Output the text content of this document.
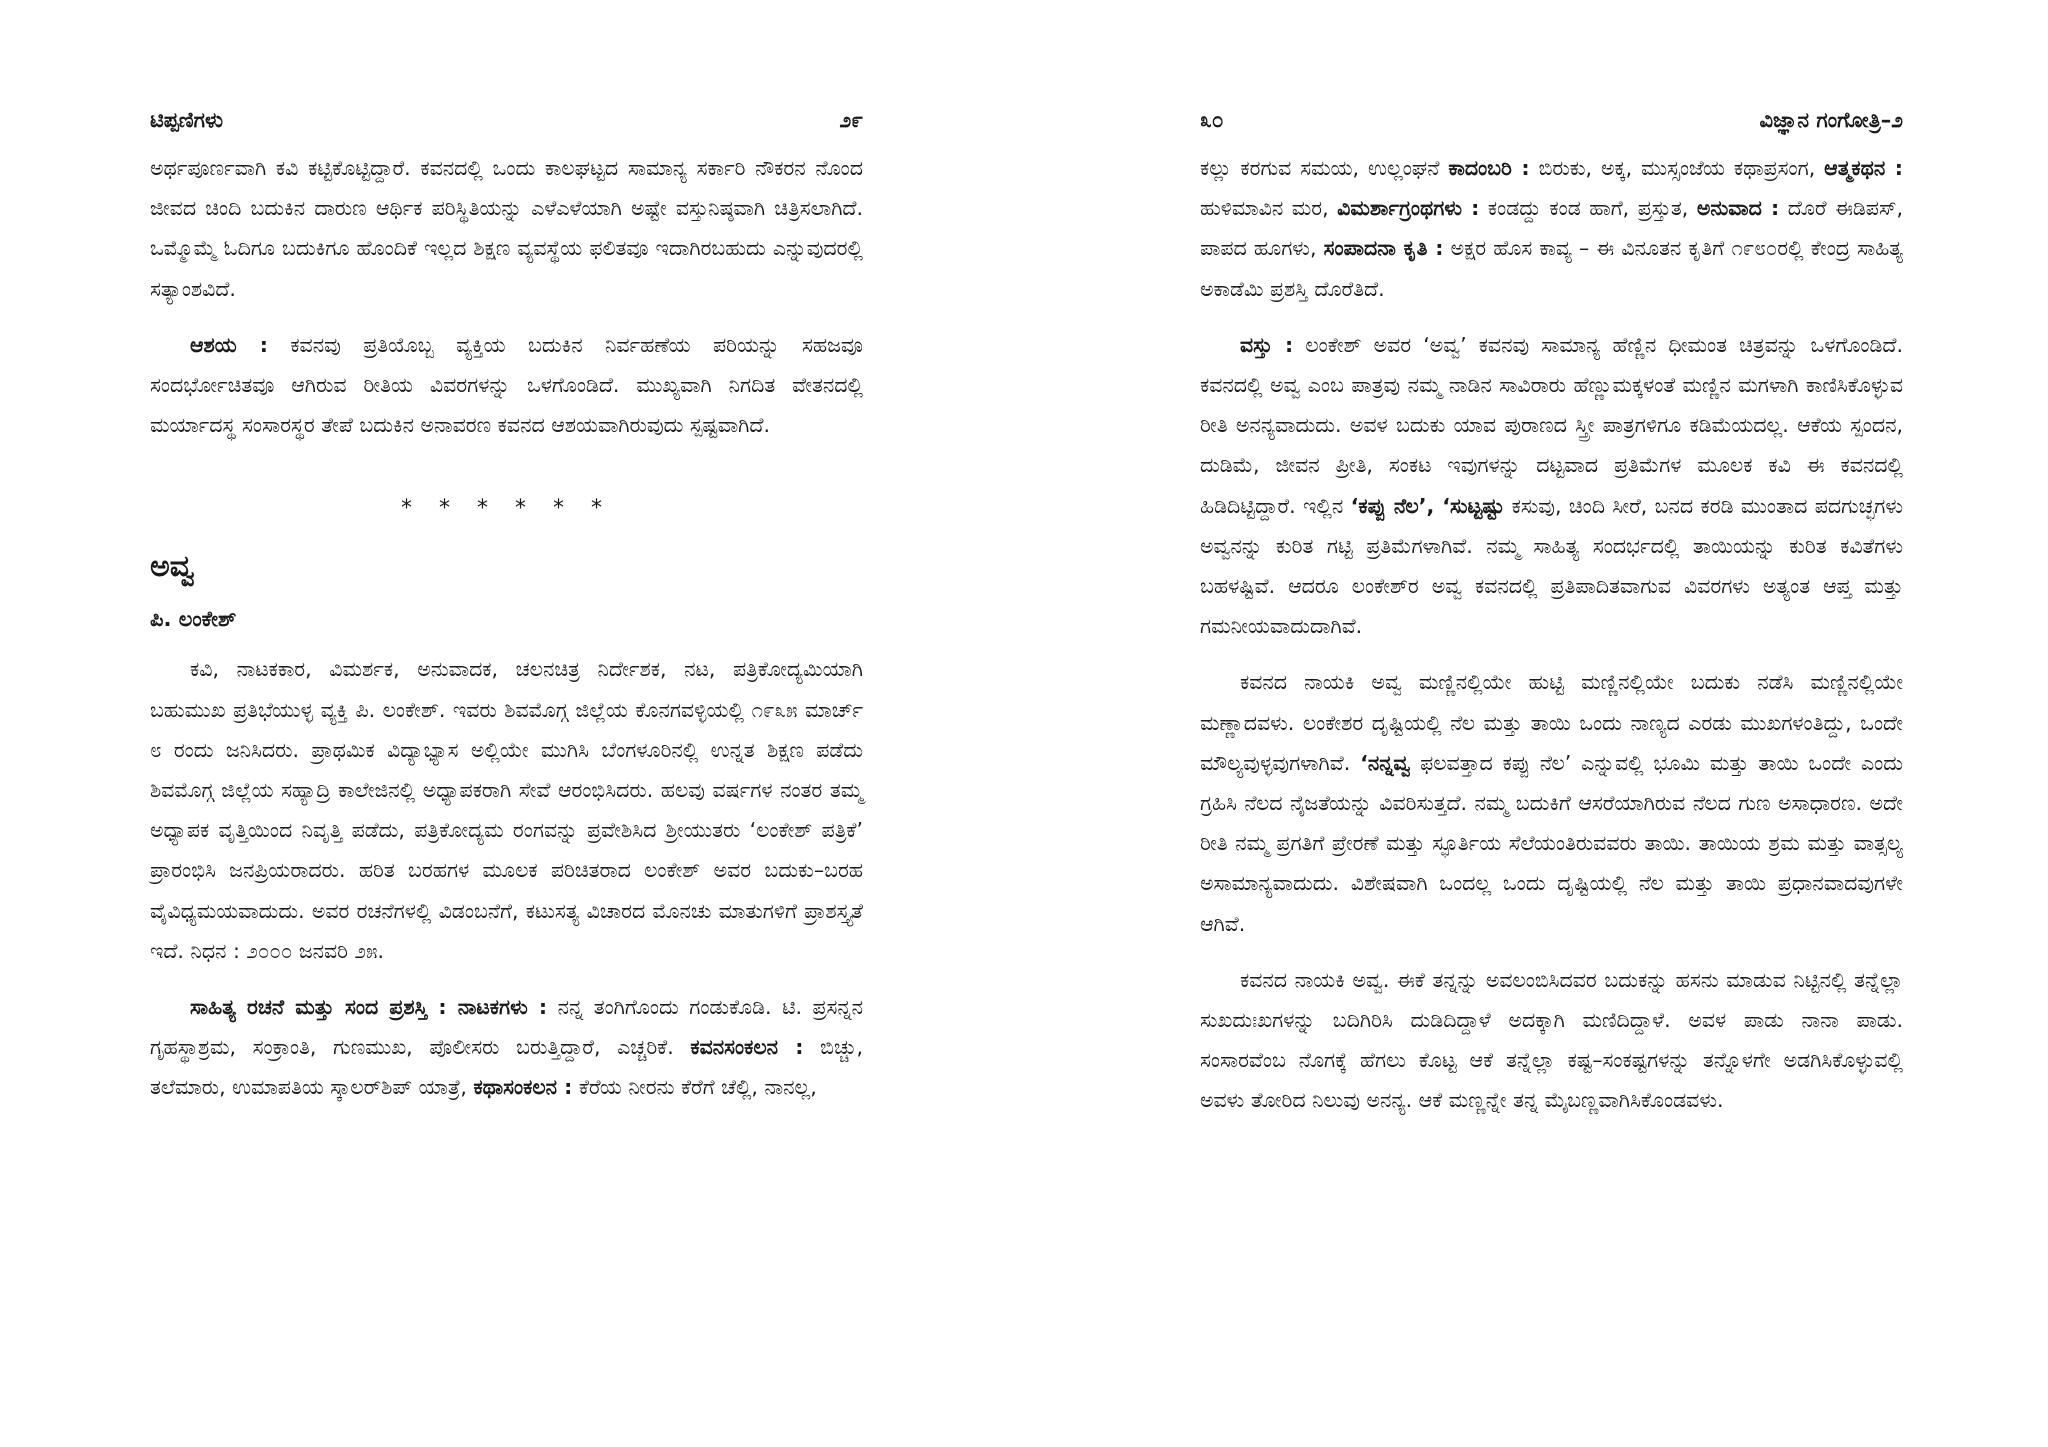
ಟಿಪ್ಪಣಿಗಳು	೨೯

ಅರ್ಥಪೂರ್ಣವಾಗಿ ಕವಿ ಕಟ್ಟಿಕೊಟ್ಟಿದ್ದಾರೆ. ಕವನದಲ್ಲಿ ಒಂದು ಕಾಲಘಟ್ಟದ ಸಾಮಾನ್ಯ ಸರ್ಕಾರಿ ನೌಕರನ ನೊಂದ ಜೀವದ ಚಿಂದಿ ಬದುಕಿನ ದಾರುಣ ಆರ್ಥಿಕ ಪರಿಸ್ಥಿತಿಯನ್ನು ಎಳೆಎಳೆಯಾಗಿ ಅಷ್ಟೇ ವಸ್ತುನಿಷ್ಠವಾಗಿ ಚಿತ್ರಿಸಲಾಗಿದೆ. ಒಮ್ಮೊಮ್ಮೆ ಓದಿಗೂ ಬದುಕಿಗೂ ಹೊಂದಿಕೆ ಇಲ್ಲದ ಶಿಕ್ಷಣ ವ್ಯವಸ್ಥೆಯ ಫಲಿತವೂ ಇದಾಗಿರಬಹುದು ಎನ್ನುವುದರಲ್ಲಿ ಸತ್ಯಾಂಶವಿದೆ.

ಆಶಯ : ಕವನವು ಪ್ರತಿಯೊಬ್ಬ ವ್ಯಕ್ತಿಯ ಬದುಕಿನ ನಿರ್ವಹಣೆಯ ಪರಿಯನ್ನು ಸಹಜವೂ ಸಂದರ್ಭೋಚಿತವೂ ಆಗಿರುವ ರೀತಿಯ ವಿವರಗಳನ್ನು ಒಳಗೊಂಡಿದೆ. ಮುಖ್ಯವಾಗಿ ನಿಗದಿತ ವೇತನದಲ್ಲಿ ಮರ್ಯಾದಸ್ಥ ಸಂಸಾರಸ್ಥರ ತೇಪೆ ಬದುಕಿನ ಅನಾವರಣ ಕವನದ ಆಶಯವಾಗಿರುವುದು ಸ್ಪಷ್ಟವಾಗಿದೆ.

* * * * * *
ಅವ್ವ
ಪಿ. ಲಂಕೇಶ್

ಕವಿ, ನಾಟಕಕಾರ, ವಿಮರ್ಶಕ, ಅನುವಾದಕ, ಚಲನಚಿತ್ರ ನಿರ್ದೇಶಕ, ನಟ, ಪತ್ರಿಕೋದ್ಯಮಿಯಾಗಿ ಬಹುಮುಖ ಪ್ರತಿಭೆಯುಳ್ಳ ವ್ಯಕ್ತಿ ಪಿ. ಲಂಕೇಶ್. ಇವರು ಶಿವಮೊಗ್ಗ ಜಿಲ್ಲೆಯ ಕೊನಗವಳ್ಳಿಯಲ್ಲಿ ೧೯೩೫ ಮಾರ್ಚ್ ೮ ರಂದು ಜನಿಸಿದರು. ಪ್ರಾಥಮಿಕ ವಿದ್ಯಾಭ್ಯಾಸ ಅಲ್ಲಿಯೇ ಮುಗಿಸಿ ಬೆಂಗಳೂರಿನಲ್ಲಿ ಉನ್ನತ ಶಿಕ್ಷಣ ಪಡೆದು ಶಿವಮೊಗ್ಗ ಜಿಲ್ಲೆಯ ಸಹ್ಯಾದ್ರಿ ಕಾಲೇಜಿನಲ್ಲಿ ಅಧ್ಯಾಪಕರಾಗಿ ಸೇವೆ ಆರಂಭಿಸಿದರು. ಹಲವು ವರ್ಷಗಳ ನಂತರ ತಮ್ಮ ಅಧ್ಯಾಪಕ ವೃತ್ತಿಯಿಂದ ನಿವೃತ್ತಿ ಪಡೆದು, ಪತ್ರಿಕೋದ್ಯಮ ರಂಗವನ್ನು ಪ್ರವೇಶಿಸಿದ ಶ್ರೀಯುತರು ‘ಲಂಕೇಶ್ ಪತ್ರಿಕೆ’ ಪ್ರಾರಂಭಿಸಿ ಜನಪ್ರಿಯರಾದರು. ಹರಿತ ಬರಹಗಳ ಮೂಲಕ ಪರಿಚಿತರಾದ ಲಂಕೇಶ್ ಅವರ ಬದುಕು–ಬರಹ ವೈವಿಧ್ಯಮಯವಾದುದು. ಅವರ ರಚನೆಗಳಲ್ಲಿ ವಿಡಂಬನೆಗೆ, ಕಟುಸತ್ಯ ವಿಚಾರದ ಮೊನಚು ಮಾತುಗಳಿಗೆ ಪ್ರಾಶಸ್ತ್ಯತೆ ಇದೆ. ನಿಧನ : ೨೦೦೦ ಜನವರಿ ೨೫.

ಸಾಹಿತ್ಯ ರಚನೆ ಮತ್ತು ಸಂದ ಪ್ರಶಸ್ತಿ : ನಾಟಕಗಳು : ನನ್ನ ತಂಗಿಗೊಂದು ಗಂಡುಕೊಡಿ. ಟಿ. ಪ್ರಸನ್ನನ ಗೃಹಸ್ಥಾಶ್ರಮ, ಸಂಕ್ರಾಂತಿ, ಗುಣಮುಖ, ಪೊಲೀಸರು ಬರುತ್ತಿದ್ದಾರೆ, ಎಚ್ಚರಿಕೆ. ಕವನಸಂಕಲನ : ಬಿಚ್ಚು, ತಲೆಮಾರು, ಉಮಾಪತಿಯ ಸ್ಕಾಲರ್‌ಶಿಪ್ ಯಾತ್ರೆ, ಕಥಾಸಂಕಲನ : ಕೆರೆಯ ನೀರನು ಕೆರೆಗೆ ಚೆಲ್ಲಿ, ನಾನಲ್ಲ,

೩೦	ವಿಜ್ಞಾನ ಗಂಗೋತ್ರಿ–೨

ಕಲ್ಲು ಕರಗುವ ಸಮಯ, ಉಲ್ಲಂಘನೆ ಕಾದಂಬರಿ : ಬಿರುಕು, ಅಕ್ಕ, ಮುಸ್ಸಂಜೆಯ ಕಥಾಪ್ರಸಂಗ, ಆತ್ಮಕಥನ : ಹುಳಿಮಾವಿನ ಮರ, ವಿಮರ್ಶಾಗ್ರಂಥಗಳು : ಕಂಡದ್ದು ಕಂಡ ಹಾಗೆ, ಪ್ರಸ್ತುತ, ಅನುವಾದ : ದೊರೆ ಈಡಿಪಸ್, ಪಾಪದ ಹೂಗಳು, ಸಂಪಾದನಾ ಕೃತಿ : ಅಕ್ಷರ ಹೊಸ ಕಾವ್ಯ – ಈ ವಿನೂತನ ಕೃತಿಗೆ ೧೯೮೦ರಲ್ಲಿ ಕೇಂದ್ರ ಸಾಹಿತ್ಯ ಅಕಾಡೆಮಿ ಪ್ರಶಸ್ತಿ ದೊರೆತಿದೆ.

ವಸ್ತು : ಲಂಕೇಶ್ ಅವರ ‘ಅವ್ವ’ ಕವನವು ಸಾಮಾನ್ಯ ಹೆಣ್ಣಿನ ಧೀಮಂತ ಚಿತ್ರವನ್ನು ಒಳಗೊಂಡಿದೆ. ಕವನದಲ್ಲಿ ಅವ್ವ ಎಂಬ ಪಾತ್ರವು ನಮ್ಮ ನಾಡಿನ ಸಾವಿರಾರು ಹೆಣ್ಣುಮಕ್ಕಳಂತೆ ಮಣ್ಣಿನ ಮಗಳಾಗಿ ಕಾಣಿಸಿಕೊಳ್ಳುವ ರೀತಿ ಅನನ್ಯವಾದುದು. ಅವಳ ಬದುಕು ಯಾವ ಪುರಾಣದ ಸ್ತ್ರೀ ಪಾತ್ರಗಳಿಗೂ ಕಡಿಮೆಯದಲ್ಲ. ಆಕೆಯ ಸ್ಪಂದನ, ದುಡಿಮೆ, ಜೀವನ ಪ್ರೀತಿ, ಸಂಕಟ ಇವುಗಳನ್ನು ದಟ್ಟವಾದ ಪ್ರತಿಮೆಗಳ ಮೂಲಕ ಕವಿ ಈ ಕವನದಲ್ಲಿ ಹಿಡಿದಿಟ್ಟಿದ್ದಾರೆ. ಇಲ್ಲಿನ ‘ಕಪ್ಪು ನೆಲ’, ‘ಸುಟ್ಟಷ್ಟು ಕಸುವು, ಚಿಂದಿ ಸೀರೆ, ಬನದ ಕರಡಿ ಮುಂತಾದ ಪದಗುಚ್ಛಗಳು ಅವ್ವನನ್ನು ಕುರಿತ ಗಟ್ಟಿ ಪ್ರತಿಮೆಗಳಾಗಿವೆ. ನಮ್ಮ ಸಾಹಿತ್ಯ ಸಂದರ್ಭದಲ್ಲಿ ತಾಯಿಯನ್ನು ಕುರಿತ ಕವಿತೆಗಳು ಬಹಳಷ್ಟಿವೆ. ಆದರೂ ಲಂಕೇಶ್‌ರ ಅವ್ವ ಕವನದಲ್ಲಿ ಪ್ರತಿಪಾದಿತವಾಗುವ ವಿವರಗಳು ಅತ್ಯಂತ ಆಪ್ತ ಮತ್ತು ಗಮನೀಯವಾದುದಾಗಿವೆ.

ಕವನದ ನಾಯಕಿ ಅವ್ವ ಮಣ್ಣಿನಲ್ಲಿಯೇ ಹುಟ್ಟಿ ಮಣ್ಣಿನಲ್ಲಿಯೇ ಬದುಕು ನಡೆಸಿ ಮಣ್ಣಿನಲ್ಲಿಯೇ ಮಣ್ಣಾದವಳು. ಲಂಕೇಶರ ದೃಷ್ಟಿಯಲ್ಲಿ ನೆಲ ಮತ್ತು ತಾಯಿ ಒಂದು ನಾಣ್ಯದ ಎರಡು ಮುಖಗಳಂತಿದ್ದು, ಒಂದೇ ಮೌಲ್ಯವುಳ್ಳವುಗಳಾಗಿವೆ. ‘ನನ್ನವ್ವ ಫಲವತ್ತಾದ ಕಪ್ಪು ನೆಲ’ ಎನ್ನುವಲ್ಲಿ ಭೂಮಿ ಮತ್ತು ತಾಯಿ ಒಂದೇ ಎಂದು ಗ್ರಹಿಸಿ ನೆಲದ ನೈಜತೆಯನ್ನು ವಿವರಿಸುತ್ತದೆ. ನಮ್ಮ ಬದುಕಿಗೆ ಆಸರೆಯಾಗಿರುವ ನೆಲದ ಗುಣ ಅಸಾಧಾರಣ. ಅದೇ ರೀತಿ ನಮ್ಮ ಪ್ರಗತಿಗೆ ಪ್ರೇರಣೆ ಮತ್ತು ಸ್ಫೂರ್ತಿಯ ಸೆಲೆಯಂತಿರುವವರು ತಾಯಿ. ತಾಯಿಯ ಶ್ರಮ ಮತ್ತು ವಾತ್ಸಲ್ಯ ಅಸಾಮಾನ್ಯವಾದುದು. ವಿಶೇಷವಾಗಿ ಒಂದಲ್ಲ ಒಂದು ದೃಷ್ಟಿಯಲ್ಲಿ ನೆಲ ಮತ್ತು ತಾಯಿ ಪ್ರಧಾನವಾದವುಗಳೇ ಆಗಿವೆ.

ಕವನದ ನಾಯಕಿ ಅವ್ವ. ಈಕೆ ತನ್ನನ್ನು ಅವಲಂಬಿಸಿದವರ ಬದುಕನ್ನು ಹಸನು ಮಾಡುವ ನಿಟ್ಟಿನಲ್ಲಿ ತನ್ನೆಲ್ಲಾ ಸುಖದುಃಖಗಳನ್ನು ಬದಿಗಿರಿಸಿ ದುಡಿದಿದ್ದಾಳೆ ಅದಕ್ಕಾಗಿ ಮಣಿದಿದ್ದಾಳೆ. ಅವಳ ಪಾಡು ನಾನಾ ಪಾಡು. ಸಂಸಾರವೆಂಬ ನೊಗಕ್ಕೆ ಹೆಗಲು ಕೊಟ್ಟ ಆಕೆ ತನ್ನೆಲ್ಲಾ ಕಷ್ಟ–ಸಂಕಷ್ಟಗಳನ್ನು ತನ್ನೊಳಗೇ ಅಡಗಿಸಿಕೊಳ್ಳುವಲ್ಲಿ ಅವಳು ತೋರಿದ ನಿಲುವು ಅನನ್ಯ. ಆಕೆ ಮಣ್ಣನ್ನೇ ತನ್ನ ಮೈಬಣ್ಣವಾಗಿಸಿಕೊಂಡವಳು.
